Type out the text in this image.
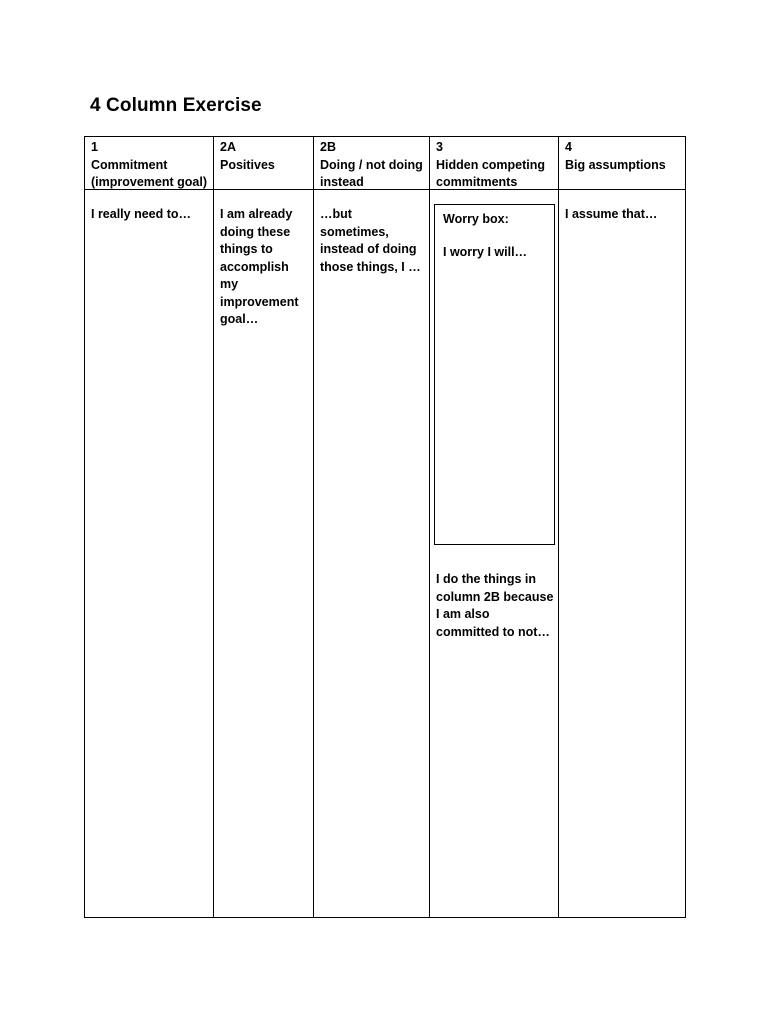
4 Column Exercise
1
Commitment
(improvement goal)
2A
Positives
2B
Doing / not doing
instead
3
Hidden competing
commitments
4
Big assumptions
I really need to…	I am already doing these things to accomplish my improvement goal…
…but sometimes, instead of doing those things, I …
Worry box:
I worry I will…
I do the things in column 2B because I am also committed to not…
I assume that…
